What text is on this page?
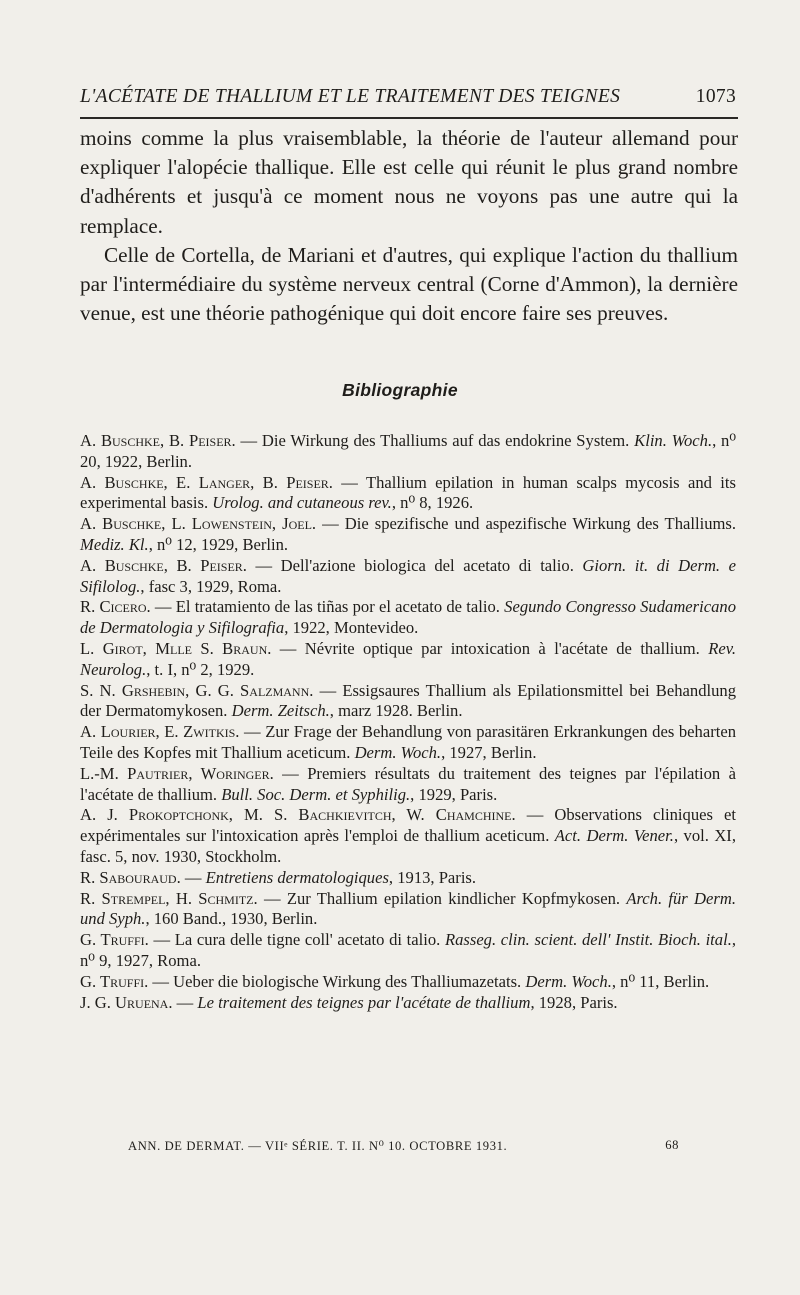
L'ACÉTATE DE THALLIUM ET LE TRAITEMENT DES TEIGNES	1073

moins comme la plus vraisemblable, la théorie de l'auteur allemand pour expliquer l'alopécie thallique. Elle est celle qui réunit le plus grand nombre d'adhérents et jusqu'à ce moment nous ne voyons pas une autre qui la remplace.

Celle de Cortella, de Mariani et d'autres, qui explique l'action du thallium par l'intermédiaire du système nerveux central (Corne d'Ammon), la dernière venue, est une théorie pathogénique qui doit encore faire ses preuves.

Bibliographie

A. Buschke, B. Peiser. — Die Wirkung des Thalliums auf das endokrine System. Klin. Woch., n⁰ 20, 1922, Berlin.

A. Buschke, E. Langer, B. Peiser. — Thallium epilation in human scalps mycosis and its experimental basis. Urolog. and cutaneous rev., n⁰ 8, 1926.

A. Buschke, L. Lowenstein, Joel. — Die spezifische und aspezifische Wirkung des Thalliums. Mediz. Kl., n⁰ 12, 1929, Berlin.

A. Buschke, B. Peiser. — Dell'azione biologica del acetato di talio. Giorn. it. di Derm. e Sifilolog., fasc 3, 1929, Roma.

R. Cicero. — El tratamiento de las tiñas por el acetato de talio. Segundo Congresso Sudamericano de Dermatologia y Sifilografia, 1922, Montevideo.

L. Girot, Mlle S. Braun. — Névrite optique par intoxication à l'acétate de thallium. Rev. Neurolog., t. I, n⁰ 2, 1929.

S. N. Grshebin, G. G. Salzmann. — Essigsaures Thallium als Epilationsmittel bei Behandlung der Dermatomykosen. Derm. Zeitsch., marz 1928. Berlin.

A. Lourier, E. Zwitkis. — Zur Frage der Behandlung von parasitären Erkrankungen des beharten Teile des Kopfes mit Thallium aceticum. Derm. Woch., 1927, Berlin.

L.-M. Pautrier, Woringer. — Premiers résultats du traitement des teignes par l'épilation à l'acétate de thallium. Bull. Soc. Derm. et Syphilig., 1929, Paris.

A. J. Prokoptchonk, M. S. Bachkievitch, W. Chamchine. — Observations cliniques et expérimentales sur l'intoxication après l'emploi de thallium aceticum. Act. Derm. Vener., vol. XI, fasc. 5, nov. 1930, Stockholm.

R. Sabouraud. — Entretiens dermatologiques, 1913, Paris.

R. Strempel, H. Schmitz. — Zur Thallium epilation kindlicher Kopfmykosen. Arch. für Derm. und Syph., 160 Band., 1930, Berlin.

G. Truffi. — La cura delle tigne coll' acetato di talio. Rasseg. clin. scient. dell' Instit. Bioch. ital., n⁰ 9, 1927, Roma.

G. Truffi. — Ueber die biologische Wirkung des Thalliumazetats. Derm. Woch., n⁰ 11, Berlin.

J. G. Uruena. — Le traitement des teignes par l'acétate de thallium, 1928, Paris.

ANN. DE DERMAT. — VIIᵉ SÉRIE. T. II. N⁰ 10. OCTOBRE 1931.	68
